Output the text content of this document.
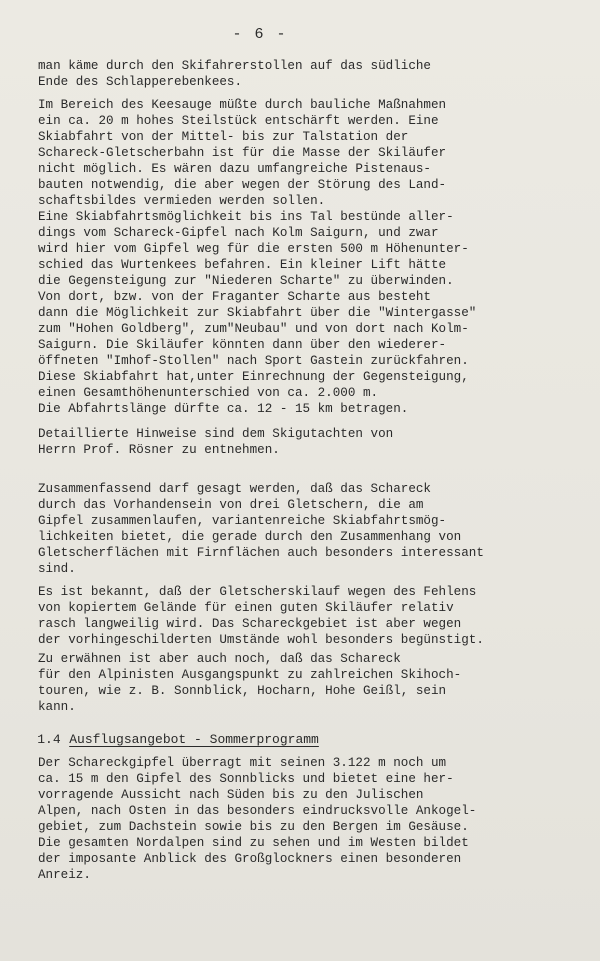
- 6 -

man käme durch den Skifahrerstollen auf das südliche
Ende des Schlapperebenkees.

Im Bereich des Keesauge müßte durch bauliche Maßnahmen
ein ca. 20 m hohes Steilstück entschärft werden. Eine
Skiabfahrt von der Mittel- bis zur Talstation der
Schareck-Gletscherbahn ist für die Masse der Skiläufer
nicht möglich. Es wären dazu umfangreiche Pistenaus-
bauten notwendig, die aber wegen der Störung des Land-
schaftsbildes vermieden werden sollen.
Eine Skiabfahrtsmöglichkeit bis ins Tal bestünde aller-
dings vom Schareck-Gipfel nach Kolm Saigurn, und zwar
wird hier vom Gipfel weg für die ersten 500 m Höhenunter-
schied das Wurtenkees befahren. Ein kleiner Lift hätte
die Gegensteigung zur "Niederen Scharte" zu überwinden.
Von dort, bzw. von der Fraganter Scharte aus besteht
dann die Möglichkeit zur Skiabfahrt über die "Wintergasse"
zum "Hohen Goldberg", zum"Neubau" und von dort nach Kolm-
Saigurn. Die Skiläufer könnten dann über den wiederer-
öffneten "Imhof-Stollen" nach Sport Gastein zurückfahren.
Diese Skiabfahrt hat,unter Einrechnung der Gegensteigung,
einen Gesamthöhenunterschied von ca. 2.000 m.
Die Abfahrtslänge dürfte ca. 12 - 15 km betragen.

Detaillierte Hinweise sind dem Skigutachten von
Herrn Prof. Rösner zu entnehmen.

Zusammenfassend darf gesagt werden, daß das Schareck
durch das Vorhandensein von drei Gletschern, die am
Gipfel zusammenlaufen, variantenreiche Skiabfahrtsmög-
lichkeiten bietet, die gerade durch den Zusammenhang von
Gletscherflächen mit Firnflächen auch besonders interessant
sind.

Es ist bekannt, daß der Gletscherskilauf wegen des Fehlens
von kopiertem Gelände für einen guten Skiläufer relativ
rasch langweilig wird. Das Schareckgebiet ist aber wegen
der vorhingeschilderten Umstände wohl besonders begünstigt.

Zu erwähnen ist aber auch noch, daß das Schareck
für den Alpinisten Ausgangspunkt zu zahlreichen Skihoch-
touren, wie z. B. Sonnblick, Hocharn, Hohe Geißl, sein
kann.

1.4 Ausflugsangebot - Sommerprogramm

Der Schareckgipfel überragt mit seinen 3.122 m noch um
ca. 15 m den Gipfel des Sonnblicks und bietet eine her-
vorragende Aussicht nach Süden bis zu den Julischen
Alpen, nach Osten in das besonders eindrucksvolle Ankogel-
gebiet, zum Dachstein sowie bis zu den Bergen im Gesäuse.
Die gesamten Nordalpen sind zu sehen und im Westen bildet
der imposante Anblick des Großglockners einen besonderen
Anreiz.
